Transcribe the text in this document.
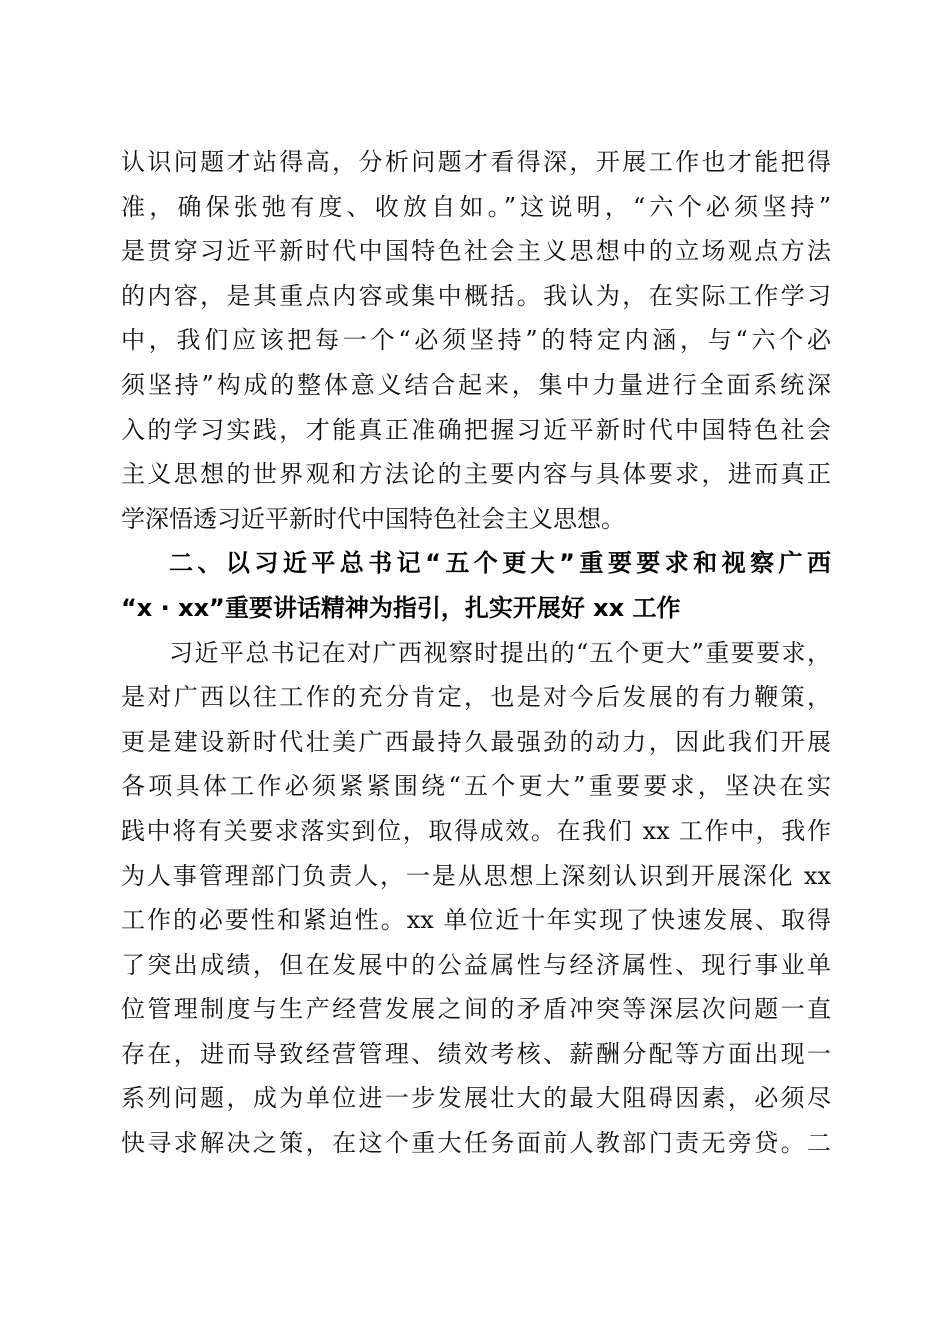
认识问题才站得高，分析问题才看得深，开展工作也才能把得
准，确保张弛有度、收放自如。”这说明，“六个必须坚持”
是贯穿习近平新时代中国特色社会主义思想中的立场观点方法
的内容，是其重点内容或集中概括。我认为，在实际工作学习
中，我们应该把每一个“必须坚持”的特定内涵，与“六个必
须坚持”构成的整体意义结合起来，集中力量进行全面系统深
入的学习实践，才能真正准确把握习近平新时代中国特色社会
主义思想的世界观和方法论的主要内容与具体要求，进而真正
学深悟透习近平新时代中国特色社会主义思想。
二、以习近平总书记“五个更大”重要要求和视察广西
“x · xx”重要讲话精神为指引，扎实开展好 xx 工作
习近平总书记在对广西视察时提出的“五个更大”重要要求，
是对广西以往工作的充分肯定，也是对今后发展的有力鞭策，
更是建设新时代壮美广西最持久最强劲的动力，因此我们开展
各项具体工作必须紧紧围绕“五个更大”重要要求，坚决在实
践中将有关要求落实到位，取得成效。在我们 xx 工作中，我作
为人事管理部门负责人，一是从思想上深刻认识到开展深化 xx
工作的必要性和紧迫性。xx 单位近十年实现了快速发展、取得
了突出成绩，但在发展中的公益属性与经济属性、现行事业单
位管理制度与生产经营发展之间的矛盾冲突等深层次问题一直
存在，进而导致经营管理、绩效考核、薪酬分配等方面出现一
系列问题，成为单位进一步发展壮大的最大阻碍因素，必须尽
快寻求解决之策，在这个重大任务面前人教部门责无旁贷。二
